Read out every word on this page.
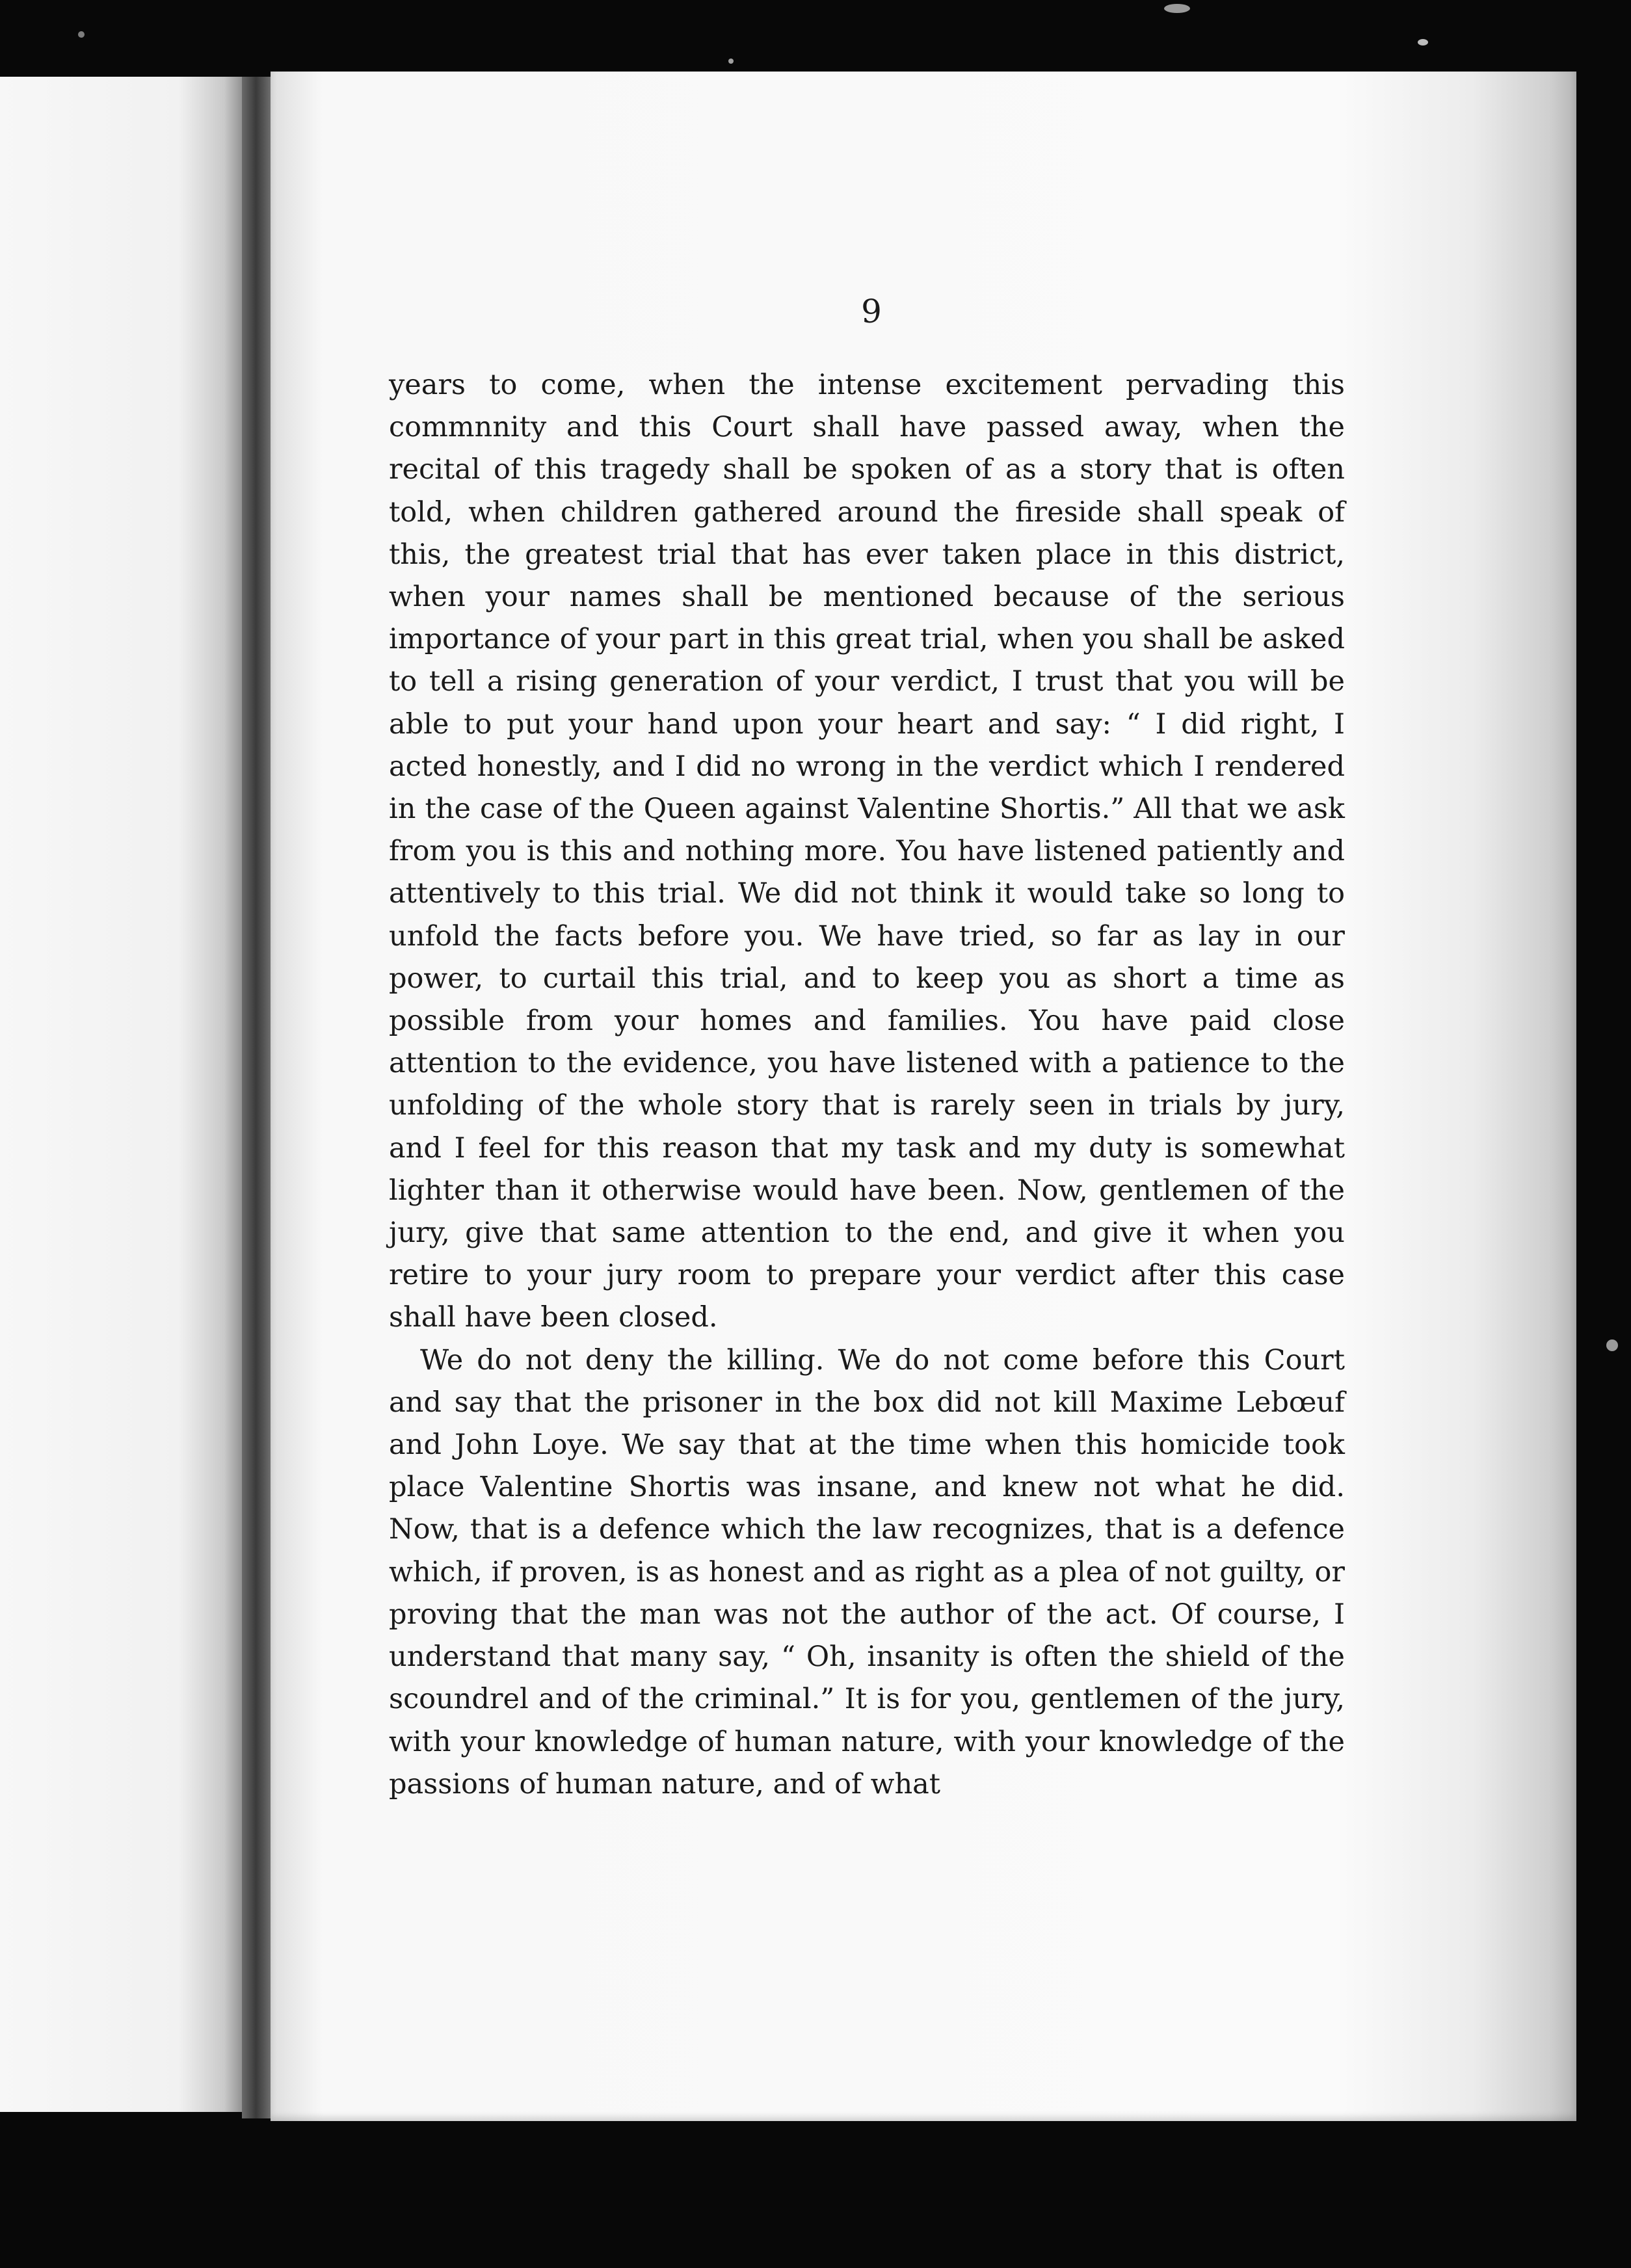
9

years to come, when the intense excitement pervading this commnnity and this Court shall have passed away, when the recital of this tragedy shall be spoken of as a story that is often told, when children gathered around the fireside shall speak of this, the greatest trial that has ever taken place in this district, when your names shall be mentioned because of the serious importance of your part in this great trial, when you shall be asked to tell a rising generation of your verdict, I trust that you will be able to put your hand upon your heart and say: “ I did right, I acted honestly, and I did no wrong in the verdict which I rendered in the case of the Queen against Valentine Shortis.” All that we ask from you is this and nothing more. You have listened patiently and attentively to this trial. We did not think it would take so long to unfold the facts before you. We have tried, so far as lay in our power, to curtail this trial, and to keep you as short a time as possible from your homes and families. You have paid close attention to the evidence, you have listened with a patience to the unfolding of the whole story that is rarely seen in trials by jury, and I feel for this reason that my task and my duty is somewhat lighter than it otherwise would have been. Now, gentlemen of the jury, give that same attention to the end, and give it when you retire to your jury room to prepare your verdict after this case shall have been closed.

We do not deny the killing. We do not come before this Court and say that the prisoner in the box did not kill Maxime Lebœuf and John Loye. We say that at the time when this homicide took place Valentine Shortis was insane, and knew not what he did. Now, that is a defence which the law recognizes, that is a defence which, if proven, is as honest and as right as a plea of not guilty, or proving that the man was not the author of the act. Of course, I understand that many say, “ Oh, insanity is often the shield of the scoundrel and of the criminal.” It is for you, gentlemen of the jury, with your knowledge of human nature, with your knowledge of the passions of human nature, and of what
